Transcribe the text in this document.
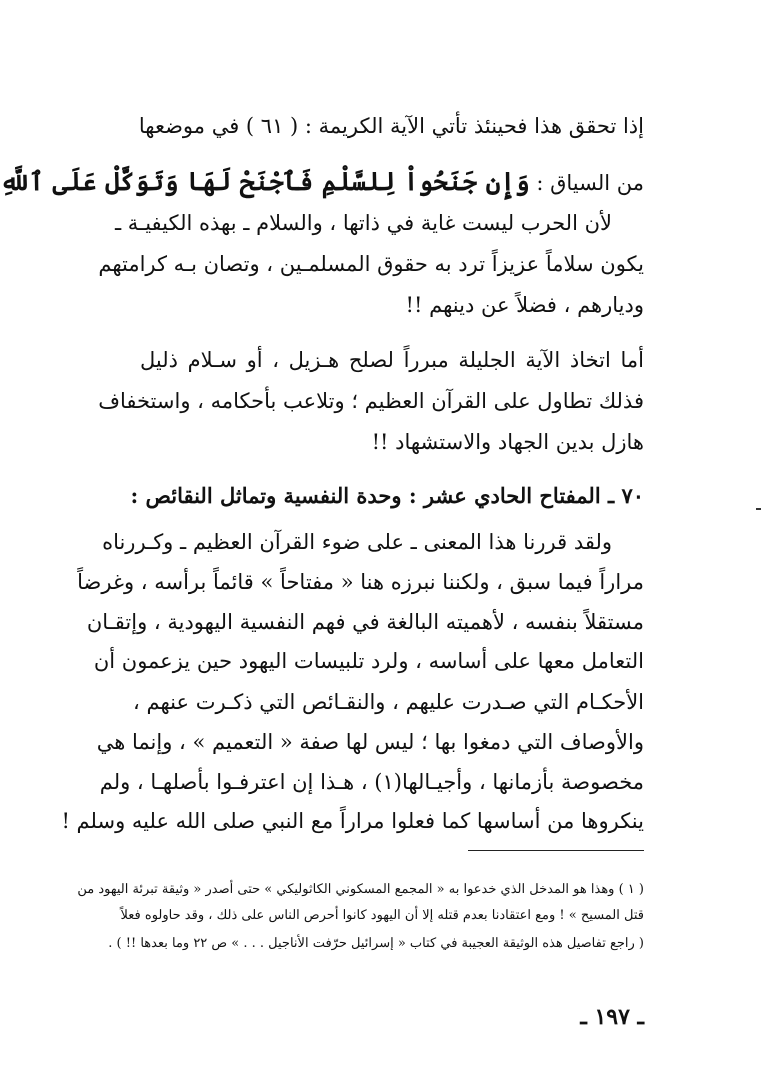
إذا تحقق هذا فحينئذ تأتي الآية الكريمة : ( ٦١ ) في موضعها
من السياق : وَإِن جَنَحُواْ لِلسَّلْمِ فَٱجْنَحْ لَهَا وَتَوَكَّلْ عَلَى ٱللَّهِ
لأن الحرب ليست غاية في ذاتها ، والسلام ـ بهذه الكيفيـة ـ
يكون سلاماً عزيزاً ترد به حقوق المسلمـين ، وتصان بـه كرامتهم
وديارهم ، فضلاً عن دينهم !!
أما اتخاذ الآية الجليلة مبرراً لصلح هـزيل ، أو سـلام ذليل
فذلك تطاول على القرآن العظيم ؛ وتلاعب بأحكامه ، واستخفاف
هازل بدين الجهاد والاستشهاد !!
٧٠ ـ المفتاح الحادي عشر : وحدة النفسية وتماثل النقائص :
ولقد قررنا هذا المعنى ـ على ضوء القرآن العظيم ـ وكـررناه
مراراً فيما سبق ، ولكننا نبرزه هنا « مفتاحاً » قائماً برأسه ، وغرضاً
مستقلاً بنفسه ، لأهميته البالغة في فهم النفسية اليهودية ، وإتقـان
التعامل معها على أساسه ، ولرد تلبيسات اليهود حين يزعمون أن
الأحكـام التي صـدرت عليهم ، والنقـائص التي ذكـرت عنهم ،
والأوصاف التي دمغوا بها ؛ ليس لها صفة « التعميم » ، وإنما هي
مخصوصة بأزمانها ، وأجيـالها(١) ، هـذا إن اعترفـوا بأصلهـا ، ولم
ينكروها من أساسها كما فعلوا مراراً مع النبي صلى الله عليه وسلم !
( ١ ) وهذا هو المدخل الذي خدعوا به « المجمع المسكوني الكاثوليكي » حتى أصدر « وثيقة تبرئة اليهود من
قتل المسيح » ! ومع اعتقادنا بعدم قتله إلا أن اليهود كانوا أحرص الناس على ذلك ، وقد حاولوه فعلاً
( راجع تفاصيل هذه الوثيقة العجيبة في كتاب « إسرائيل حرّفت الأناجيل . . . » ص ٢٢ وما بعدها !! ) .
ـ ١٩٧ ـ
